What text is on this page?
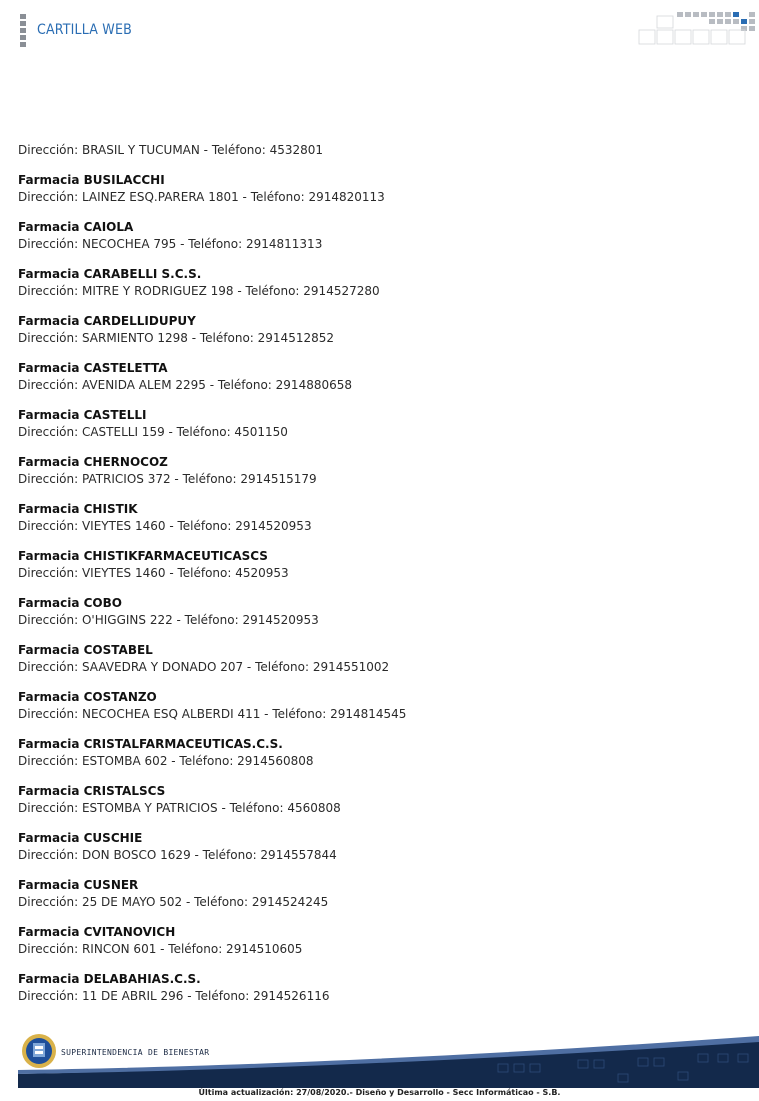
CARTILLA WEB
Dirección: BRASIL Y TUCUMAN - Teléfono: 4532801
Farmacia BUSILACCHI
Dirección: LAINEZ ESQ.PARERA 1801 - Teléfono: 2914820113
Farmacia CAIOLA
Dirección: NECOCHEA 795 - Teléfono: 2914811313
Farmacia CARABELLI S.C.S.
Dirección: MITRE Y RODRIGUEZ 198 - Teléfono: 2914527280
Farmacia CARDELLIDUPUY
Dirección: SARMIENTO 1298 - Teléfono: 2914512852
Farmacia CASTELETTA
Dirección: AVENIDA ALEM 2295 - Teléfono: 2914880658
Farmacia CASTELLI
Dirección: CASTELLI 159 - Teléfono: 4501150
Farmacia CHERNOCOZ
Dirección: PATRICIOS 372 - Teléfono: 2914515179
Farmacia CHISTIK
Dirección: VIEYTES 1460 - Teléfono: 2914520953
Farmacia CHISTIKFARMACEUTICASCS
Dirección: VIEYTES 1460 - Teléfono: 4520953
Farmacia COBO
Dirección: O'HIGGINS 222 - Teléfono: 2914520953
Farmacia COSTABEL
Dirección: SAAVEDRA Y DONADO 207 - Teléfono: 2914551002
Farmacia COSTANZO
Dirección: NECOCHEA ESQ ALBERDI 411 - Teléfono: 2914814545
Farmacia CRISTALFARMACEUTICAS.C.S.
Dirección: ESTOMBA 602 - Teléfono: 2914560808
Farmacia CRISTALSCS
Dirección: ESTOMBA Y PATRICIOS - Teléfono: 4560808
Farmacia CUSCHIE
Dirección: DON BOSCO 1629 - Teléfono: 2914557844
Farmacia CUSNER
Dirección: 25 DE MAYO 502 - Teléfono: 2914524245
Farmacia CVITANOVICH
Dirección: RINCON 601 - Teléfono: 2914510605
Farmacia DELABAHIAS.C.S.
Dirección: 11 DE ABRIL 296 - Teléfono: 2914526116
SUPERINTENDENCIA DE BIENESTAR
Última actualización: 27/08/2020.- Diseño y Desarrollo - Secc Informáticao - S.B.
